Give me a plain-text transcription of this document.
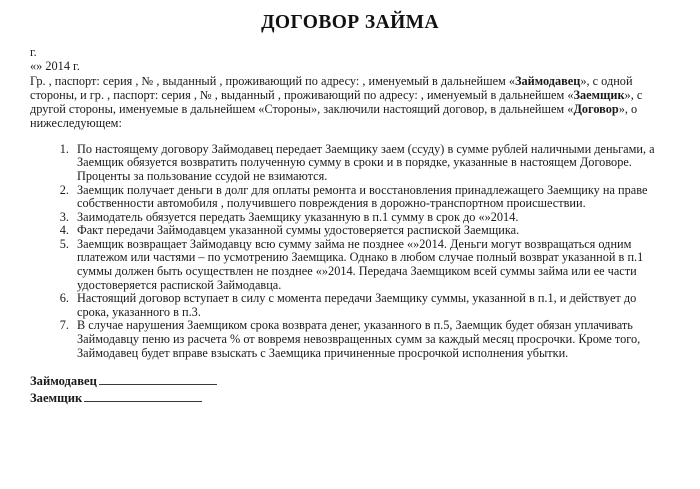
ДОГОВОР ЗАЙМА
г.
«» 2014 г.

Гр. , паспорт: серия , № , выданный , проживающий по адресу: , именуемый в дальнейшем «Займодавец», с одной стороны, и гр. , паспорт: серия , № , выданный , проживающий по адресу: , именуемый в дальнейшем «Заемщик», с другой стороны, именуемые в дальнейшем «Стороны», заключили настоящий договор, в дальнейшем «Договор», о нижеследующем:

1. По настоящему договору Займодавец передает Заемщику заем (ссуду) в сумме рублей наличными деньгами, а Заемщик обязуется возвратить полученную сумму в сроки и в порядке, указанные в настоящем Договоре. Проценты за пользование ссудой не взимаются.
2. Заемщик получает деньги в долг для оплаты ремонта и восстановления принадлежащего Заемщику на праве собственности автомобиля , получившего повреждения в дорожно-транспортном происшествии.
3. Заимодатель обязуется передать Заемщику указанную в п.1 сумму в срок до «»2014.
4. Факт передачи Займодавцем указанной суммы удостоверяется распиской Заемщика.
5. Заемщик возвращает Займодавцу всю сумму займа не позднее «»2014. Деньги могут возвращаться одним платежом или частями – по усмотрению Заемщика. Однако в любом случае полный возврат указанной в п.1 суммы должен быть осуществлен не позднее «»2014. Передача Заемщиком всей суммы займа или ее части удостоверяется распиской Займодавца.
6. Настоящий договор вступает в силу с момента передачи Заемщику суммы, указанной в п.1, и действует до срока, указанного в п.3.
7. В случае нарушения Заемщиком срока возврата денег, указанного в п.5, Заемщик будет обязан уплачивать Займодавцу пеню из расчета % от вовремя невозвращенных сумм за каждый месяц просрочки. Кроме того, Займодавец будет вправе взыскать с Заемщика причиненные просрочкой исполнения убытки.
Займодавец
Заемщик
